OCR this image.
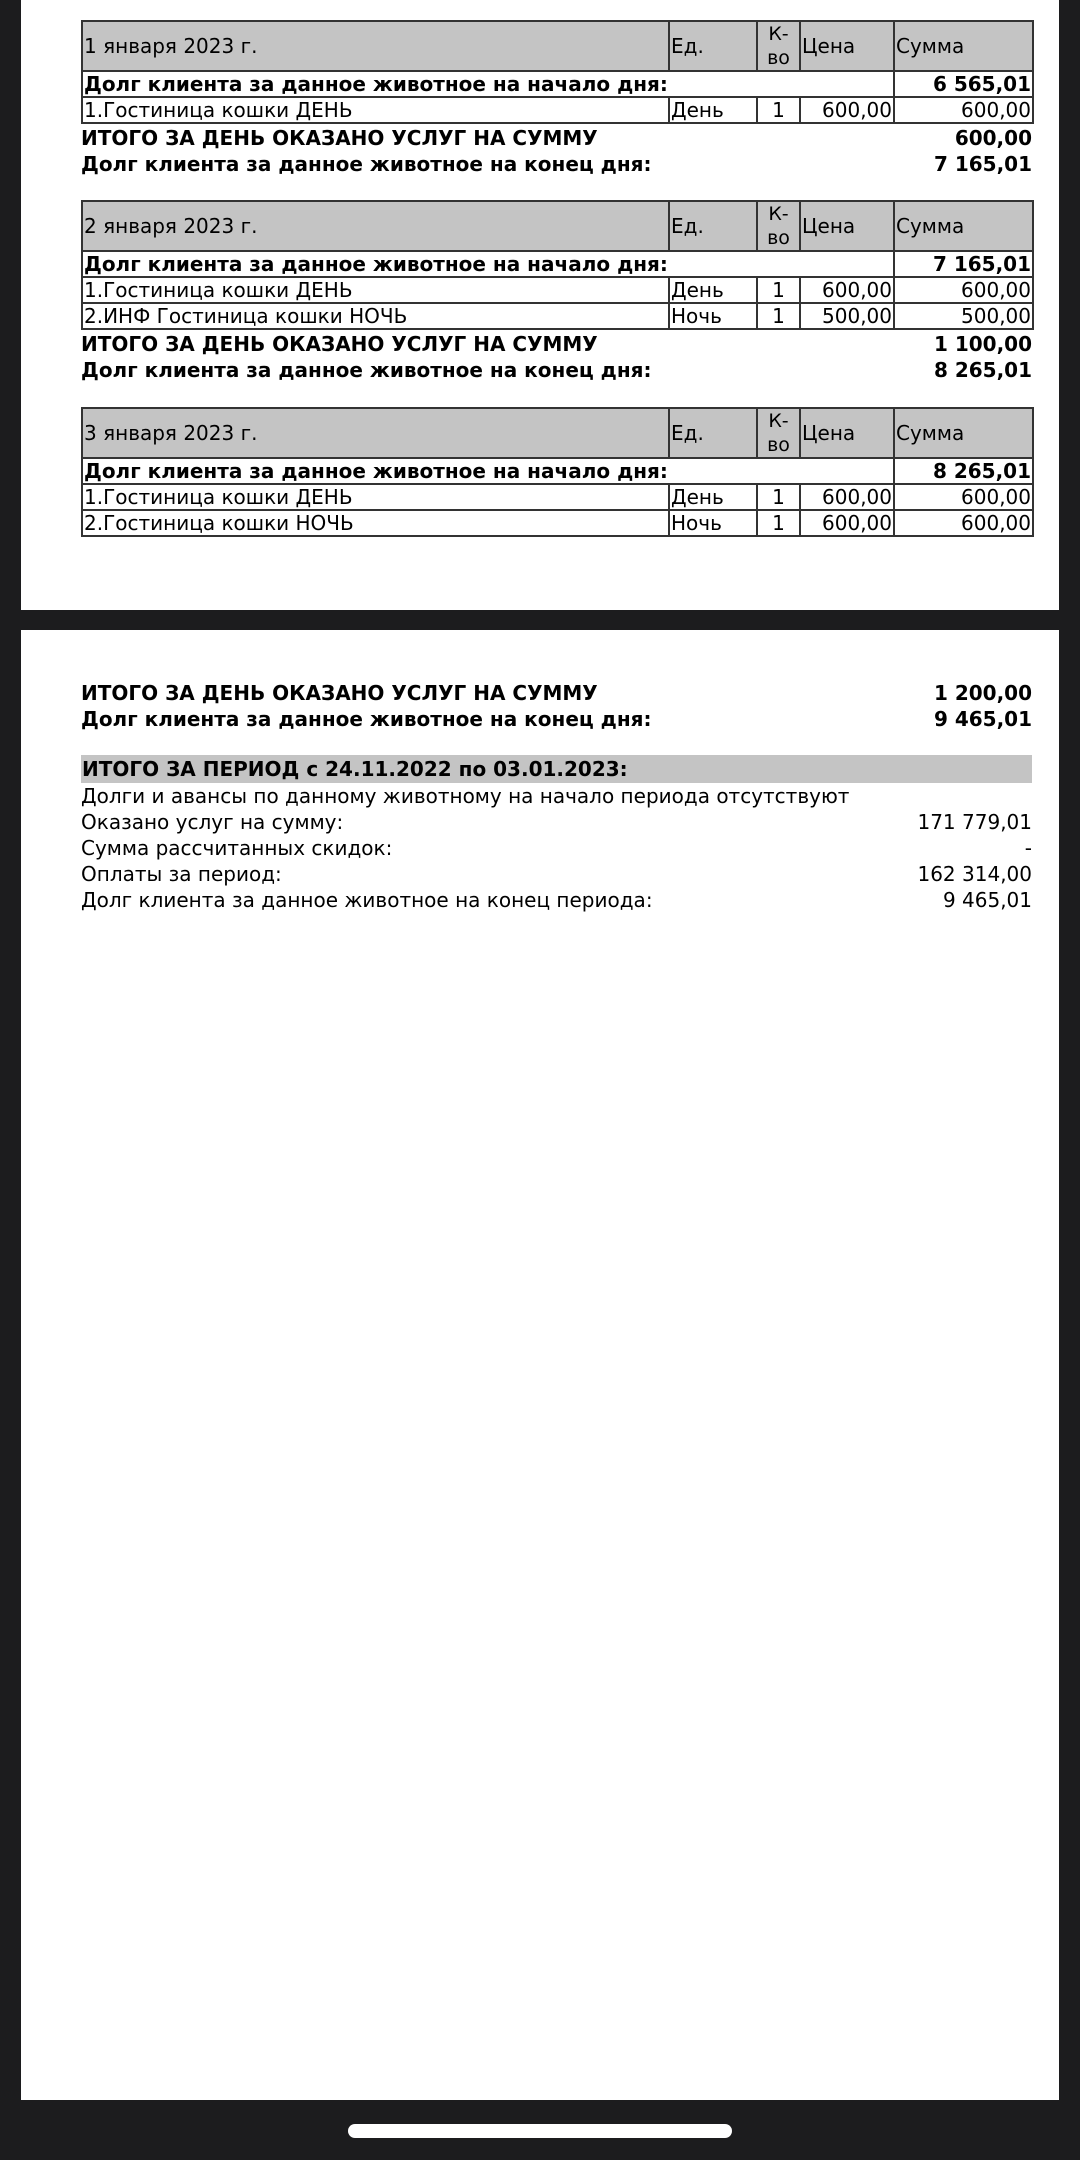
1 января 2023 г.	Ед.	К-во	Цена	Сумма
Долг клиента за данное животное на начало дня:				6 565,01
1.Гостиница кошки ДЕНЬ	День	1	600,00	600,00
ИТОГО ЗА ДЕНЬ ОКАЗАНО УСЛУГ НА СУММУ	600,00
Долг клиента за данное животное на конец дня:	7 165,01
2 января 2023 г.	Ед.	К-во	Цена	Сумма
Долг клиента за данное животное на начало дня:				7 165,01
1.Гостиница кошки ДЕНЬ	День	1	600,00	600,00
2.ИНФ Гостиница кошки НОЧЬ	Ночь	1	500,00	500,00
ИТОГО ЗА ДЕНЬ ОКАЗАНО УСЛУГ НА СУММУ	1 100,00
Долг клиента за данное животное на конец дня:	8 265,01
3 января 2023 г.	Ед.	К-во	Цена	Сумма
Долг клиента за данное животное на начало дня:				8 265,01
1.Гостиница кошки ДЕНЬ	День	1	600,00	600,00
2.Гостиница кошки НОЧЬ	Ночь	1	600,00	600,00
ИТОГО ЗА ДЕНЬ ОКАЗАНО УСЛУГ НА СУММУ	1 200,00
Долг клиента за данное животное на конец дня:	9 465,01
ИТОГО ЗА ПЕРИОД с 24.11.2022 по 03.01.2023:
Долги и авансы по данному животному на начало периода отсутствуют
Оказано услуг на сумму:	171 779,01
Сумма рассчитанных скидок:	-
Оплаты за период:	162 314,00
Долг клиента за данное животное на конец периода:	9 465,01
